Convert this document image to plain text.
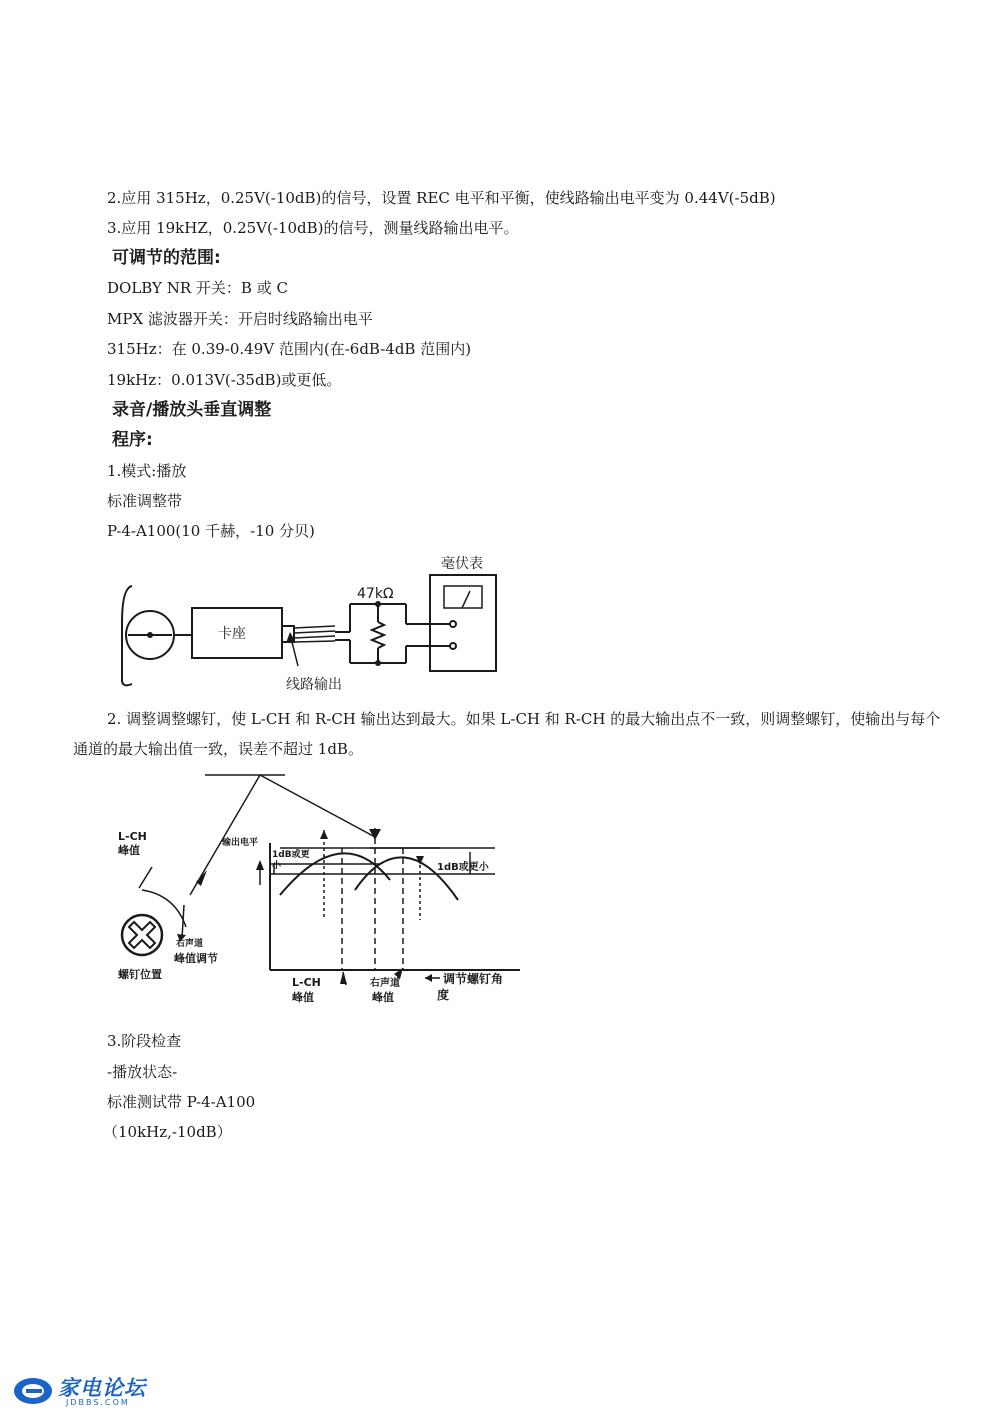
2.应用 315Hz，0.25V(-10dB)的信号，设置 REC 电平和平衡，使线路输出电平变为 0.44V(-5dB)
3.应用 19kHZ，0.25V(-10dB)的信号，测量线路输出电平。
可调节的范围:
DOLBY NR 开关：B 或 C
MPX 滤波器开关：开启时线路输出电平
315Hz：在 0.39-0.49V 范围内(在-6dB-4dB 范围内)
19kHz：0.013V(-35dB)或更低。
录音/播放头垂直调整
程序:
1.模式:播放
标准调整带
P-4-A100(10 千赫，-10 分贝)
毫伏表
47kΩ
卡座
线路输出
2. 调整调整螺钉，使 L-CH 和 R-CH 输出达到最大。如果 L-CH 和 R-CH 的最大输出点不一致，则调整螺钉，使输出与每个通道的最大输出值一致，误差不超过 1dB。
L-CH
峰值
输出电平
1dB或更
小	1dB或更小
螺钉位置
右声道
峰值调节
L-CH
峰值
右声道
峰值
调节螺钉角
度
3.阶段检查
-播放状态-
标准测试带 P-4-A100
（10kHz,-10dB）
家电论坛
JDBBS.COM
